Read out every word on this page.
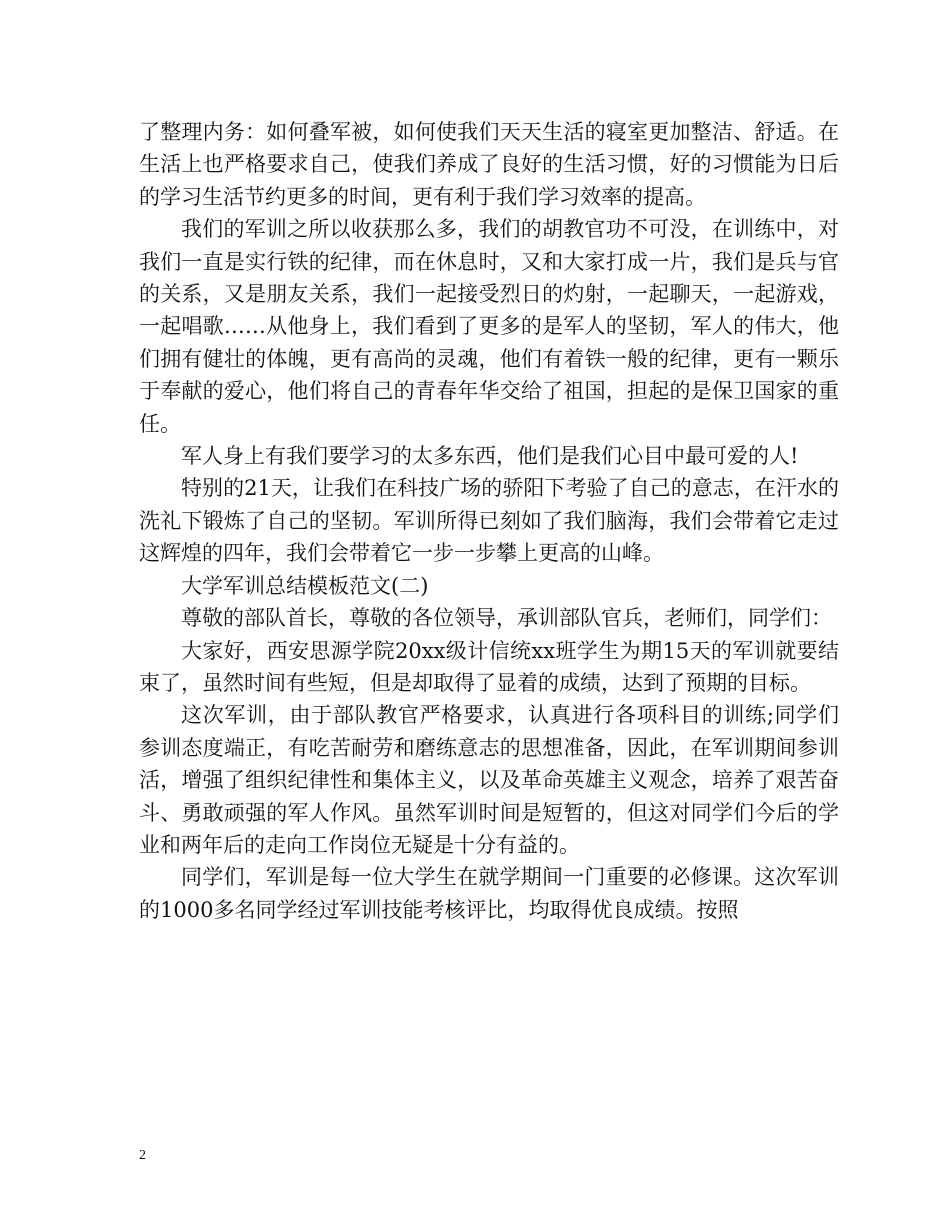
了整理内务：如何叠军被，如何使我们天天生活的寝室更加整洁、舒适。在生活上也严格要求自己，使我们养成了良好的生活习惯，好的习惯能为日后的学习生活节约更多的时间，更有利于我们学习效率的提高。

我们的军训之所以收获那么多，我们的胡教官功不可没，在训练中，对我们一直是实行铁的纪律，而在休息时，又和大家打成一片，我们是兵与官的关系，又是朋友关系，我们一起接受烈日的灼射，一起聊天，一起游戏，一起唱歌……从他身上，我们看到了更多的是军人的坚韧，军人的伟大，他们拥有健壮的体魄，更有高尚的灵魂，他们有着铁一般的纪律，更有一颗乐于奉献的爱心，他们将自己的青春年华交给了祖国，担起的是保卫国家的重任。

军人身上有我们要学习的太多东西，他们是我们心目中最可爱的人!

特别的21天，让我们在科技广场的骄阳下考验了自己的意志，在汗水的洗礼下锻炼了自己的坚韧。军训所得已刻如了我们脑海，我们会带着它走过这辉煌的四年，我们会带着它一步一步攀上更高的山峰。

大学军训总结模板范文(二)

尊敬的部队首长，尊敬的各位领导，承训部队官兵，老师们，同学们：

大家好，西安思源学院20xx级计信统xx班学生为期15天的军训就要结束了，虽然时间有些短，但是却取得了显着的成绩，达到了预期的目标。

这次军训，由于部队教官严格要求，认真进行各项科目的训练;同学们参训态度端正，有吃苦耐劳和磨练意志的思想准备，因此，在军训期间参训活，增强了组织纪律性和集体主义，以及革命英雄主义观念，培养了艰苦奋斗、勇敢顽强的军人作风。虽然军训时间是短暂的，但这对同学们今后的学业和两年后的走向工作岗位无疑是十分有益的。

同学们，军训是每一位大学生在就学期间一门重要的必修课。这次军训的1000多名同学经过军训技能考核评比，均取得优良成绩。按照

2
